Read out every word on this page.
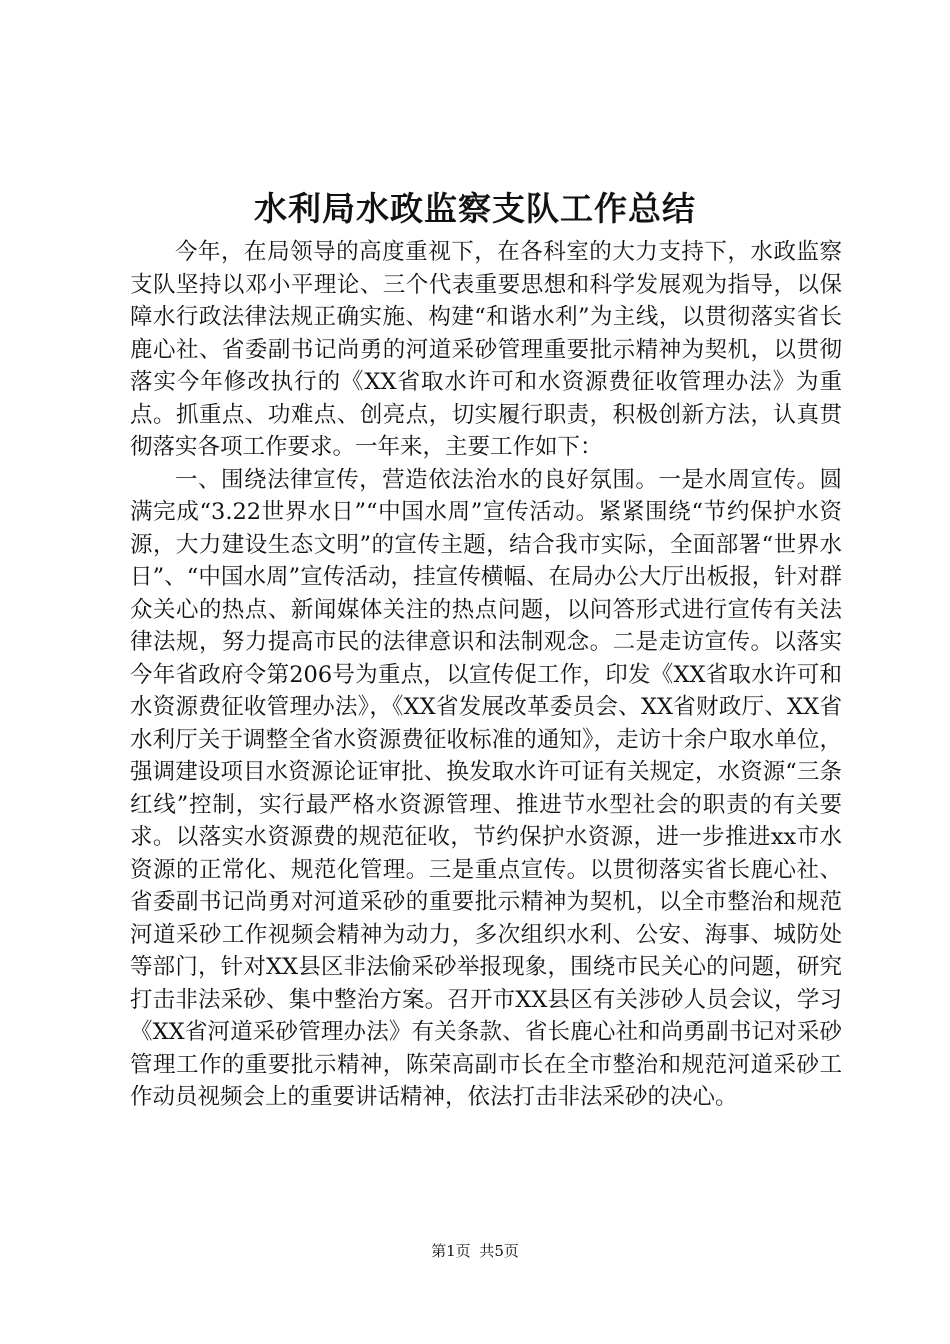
水利局水政监察支队工作总结

今年，在局领导的高度重视下，在各科室的大力支持下，水政监察支队坚持以邓小平理论、三个代表重要思想和科学发展观为指导，以保障水行政法律法规正确实施、构建“和谐水利”为主线，以贯彻落实省长鹿心社、省委副书记尚勇的河道采砂管理重要批示精神为契机，以贯彻落实今年修改执行的《XX省取水许可和水资源费征收管理办法》为重点。抓重点、功难点、创亮点，切实履行职责，积极创新方法，认真贯彻落实各项工作要求。一年来，主要工作如下：

一、围绕法律宣传，营造依法治水的良好氛围。一是水周宣传。圆满完成“3.22世界水日”“中国水周”宣传活动。紧紧围绕“节约保护水资源，大力建设生态文明”的宣传主题，结合我市实际，全面部署“世界水日”、“中国水周”宣传活动，挂宣传横幅、在局办公大厅出板报，针对群众关心的热点、新闻媒体关注的热点问题，以问答形式进行宣传有关法律法规，努力提高市民的法律意识和法制观念。二是走访宣传。以落实今年省政府令第206号为重点，以宣传促工作，印发《XX省取水许可和水资源费征收管理办法》，《XX省发展改革委员会、XX省财政厅、XX省水利厅关于调整全省水资源费征收标准的通知》，走访十余户取水单位，强调建设项目水资源论证审批、换发取水许可证有关规定，水资源“三条红线”控制，实行最严格水资源管理、推进节水型社会的职责的有关要求。以落实水资源费的规范征收，节约保护水资源，进一步推进xx市水资源的正常化、规范化管理。三是重点宣传。以贯彻落实省长鹿心社、省委副书记尚勇对河道采砂的重要批示精神为契机，以全市整治和规范河道采砂工作视频会精神为动力，多次组织水利、公安、海事、城防处等部门，针对XX县区非法偷采砂举报现象，围绕市民关心的问题，研究打击非法采砂、集中整治方案。召开市XX县区有关涉砂人员会议，学习《XX省河道采砂管理办法》有关条款、省长鹿心社和尚勇副书记对采砂管理工作的重要批示精神，陈荣高副市长在全市整治和规范河道采砂工作动员视频会上的重要讲话精神，依法打击非法采砂的决心。

第1页 共5页
